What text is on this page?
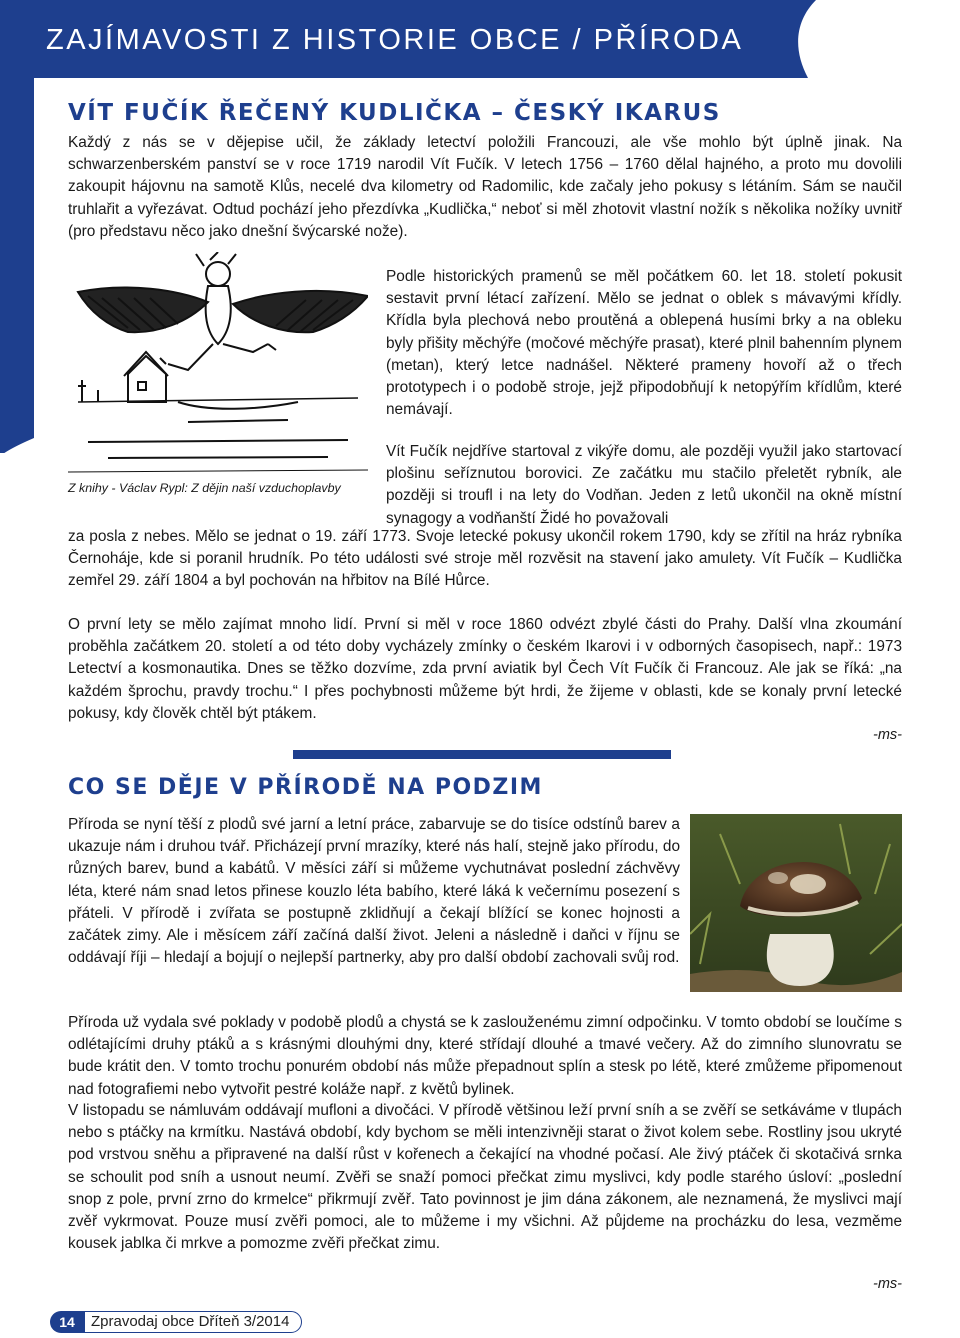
ZAJÍMAVOSTI Z HISTORIE OBCE / PŘÍRODA
VÍT FUČÍK ŘEČENÝ KUDLIČKA – ČESKÝ IKARUS

Každý z nás se v dějepise učil, že základy letectví položili Francouzi, ale vše mohlo být úplně jinak. Na schwarzenberském panství se v roce 1719 narodil Vít Fučík. V letech 1756 – 1760 dělal hajného, a proto mu dovolili zakoupit hájovnu na samotě Klůs, necelé dva kilometry od Radomilic, kde začaly jeho pokusy s létáním. Sám se naučil truhlařit a vyřezávat. Odtud pochází jeho přezdívka „Kudlička,“ neboť si měl zhotovit vlastní nožík s několika nožíky uvnitř (pro představu něco jako dnešní švýcarské nože).

Z knihy - Václav Rypl: Z dějin naší vzduchoplavby

Podle historických pramenů se měl počátkem 60. let 18. století pokusit sestavit první létací zařízení. Mělo se jednat o oblek s mávavými křídly. Křídla byla plechová nebo proutěná a oblepená husími brky a na obleku byly přišity měchýře (močové měchýře prasat), které plnil bahenním plynem (metan), který letce nadnášel. Některé prameny hovoří až o třech prototypech i o podobě stroje, jejž připodobňují k netopýřím křídlům, které nemávají.

Vít Fučík nejdříve startoval z vikýře domu, ale později využil jako startovací plošinu seříznutou borovici. Ze začátku mu stačilo přeletět rybník, ale později si troufl i na lety do Vodňan. Jeden z letů ukončil na okně místní synagogy a vodňanští Židé ho považovali

za posla z nebes. Mělo se jednat o 19. září 1773. Svoje letecké pokusy ukončil rokem 1790, kdy se zřítil na hráz rybníka Černoháje, kde si poranil hrudník. Po této události své stroje měl rozvěsit na stavení jako amulety. Vít Fučík – Kudlička zemřel 29. září 1804 a byl pochován na hřbitov na Bílé Hůrce.

O první lety se mělo zajímat mnoho lidí. První si měl v roce 1860 odvézt zbylé části do Prahy. Další vlna zkoumání proběhla začátkem 20. století a od této doby vycházely zmínky o českém Ikarovi i v odborných časopisech, např.: 1973 Letectví a kosmonautika. Dnes se těžko dozvíme, zda první aviatik byl Čech Vít Fučík či Francouz. Ale jak se říká: „na každém šprochu, pravdy trochu.“ I přes pochybnosti můžeme být hrdi, že žijeme v oblasti, kde se konaly první letecké pokusy, kdy člověk chtěl být ptákem.

-ms-
CO SE DĚJE V PŘÍRODĚ NA PODZIM

Příroda se nyní těší z plodů své jarní a letní práce, zabarvuje se do tisíce odstínů barev a ukazuje nám i druhou tvář. Přicházejí první mrazíky, které nás halí, stejně jako přírodu, do různých barev, bund a kabátů. V měsíci září si můžeme vychutnávat poslední záchvěvy léta, které nám snad letos přinese kouzlo léta babího, které láká k večernímu posezení s přáteli. V přírodě i zvířata se postupně zklidňují a čekají blížící se konec hojnosti a začátek zimy. Ale i měsícem září začíná další život. Jeleni a následně i daňci v říjnu se oddávají říji – hledají a bojují o nejlepší partnerky, aby pro další období zachovali svůj rod.

Příroda už vydala své poklady v podobě plodů a chystá se k zaslouženému zimní odpočinku. V tomto období se loučíme s odlétajícími druhy ptáků a s krásnými dlouhými dny, které střídají dlouhé a tmavé večery. Až do zimního slunovratu se bude krátit den. V tomto trochu ponurém období nás může přepadnout splín a stesk po létě, které zmůžeme připomenout nad fotografiemi nebo vytvořit pestré koláže např. z květů bylinek.

V listopadu se námluvám oddávají mufloni a divočáci. V přírodě většinou leží první sníh a se zvěří se setkáváme v tlupách nebo s ptáčky na krmítku. Nastává období, kdy bychom se měli intenzivněji starat o život kolem sebe. Rostliny jsou ukryté pod vrstvou sněhu a připravené na další růst v kořenech a čekající na vhodné počasí. Ale živý ptáček či skotačivá srnka se schoulit pod sníh a usnout neumí. Zvěři se snaží pomoci přečkat zimu myslivci, kdy podle starého úsloví: „poslední snop z pole, první zrno do krmelce“ přikrmují zvěř. Tato povinnost je jim dána zákonem, ale neznamená, že myslivci mají zvěř vykrmovat. Pouze musí zvěři pomoci, ale to můžeme i my všichni. Až půjdeme na procházku do lesa, vezměme kousek jablka či mrkve a pomozme zvěři přečkat zimu.

-ms-
14	Zpravodaj obce Dříteň 3/2014
